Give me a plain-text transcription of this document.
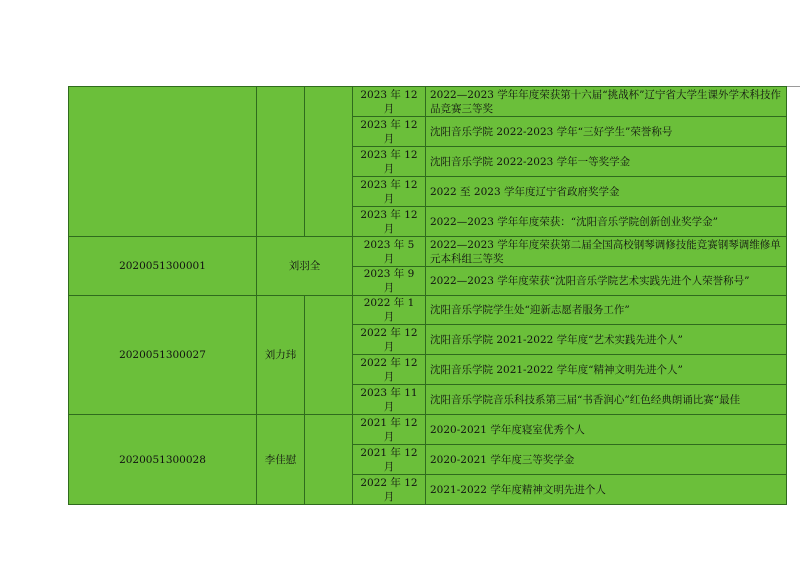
			2023 年 12 月	2022—2023 学年年度荣获第十六届“挑战杯”辽宁省大学生课外学术科技作品竞赛三等奖	
			2023 年 12 月	沈阳音乐学院 2022-2023 学年“三好学生”荣誉称号	
			2023 年 12 月	沈阳音乐学院 2022-2023 学年一等奖学金	
			2023 年 12 月	2022 至 2023 学年度辽宁省政府奖学金	
			2023 年 12 月	2022—2023 学年年度荣获：“沈阳音乐学院创新创业奖学金”	
2020051300001	刘羽全		2023 年 5 月	2022—2023 学年年度荣获第二届全国高校钢琴调修技能竞赛钢琴调维修单元本科组三等奖	
			2023 年 9 月	2022—2023 学年度荣获“沈阳音乐学院艺术实践先进个人荣誉称号”	
2020051300027	刘力玮		2022 年 1 月	沈阳音乐学院学生处“迎新志愿者服务工作”	
			2022 年 12 月	沈阳音乐学院 2021-2022 学年度“艺术实践先进个人”	
			2022 年 12 月	沈阳音乐学院 2021-2022 学年度“精神文明先进个人”	
			2023 年 11 月	沈阳音乐学院音乐科技系第三届“书香润心”红色经典朗诵比赛“最佳	
2020051300028	李佳慰		2021 年 12 月	2020-2021 学年度寝室优秀个人	
			2021 年 12 月	2020-2021 学年度三等奖学金	
			2022 年 12 月	2021-2022 学年度精神文明先进个人	
